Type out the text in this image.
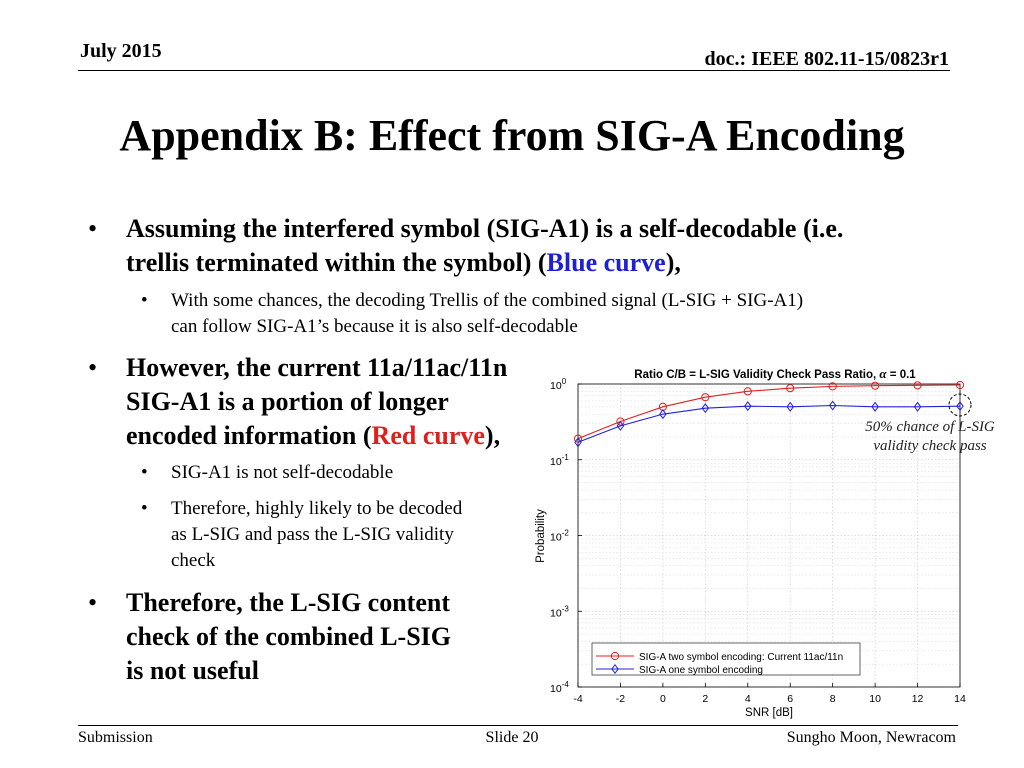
July 2015	doc.: IEEE 802.11-15/0823r1
Appendix B: Effect from SIG-A Encoding
• Assuming the interfered symbol (SIG-A1) is a self-decodable (i.e.
trellis terminated within the symbol) (Blue curve),
• With some chances, the decoding Trellis of the combined signal (L-SIG + SIG-A1)
can follow SIG-A1’s because it is also self-decodable
• However, the current 11a/11ac/11n
SIG-A1 is a portion of longer
encoded information (Red curve),
• SIG-A1 is not self-decodable
• Therefore, highly likely to be decoded
as L-SIG and pass the L-SIG validity
check
• Therefore, the L-SIG content
check of the combined L-SIG
is not useful
Ratio C/B = L-SIG Validity Check Pass Ratio, α = 0.1
-4	-2	0	2	4	6	8	10	12	14
$10^0$
$10^{-1}$
$10^{-2}$
$10^{-3}$
$10^{-4}$
SNR [dB]
Probability
SIG-A two symbol encoding: Current 11ac/11n
SIG-A one symbol encoding
50% chance of L-SIG
validity check pass
Submission	Slide 20	Sungho Moon, Newracom
